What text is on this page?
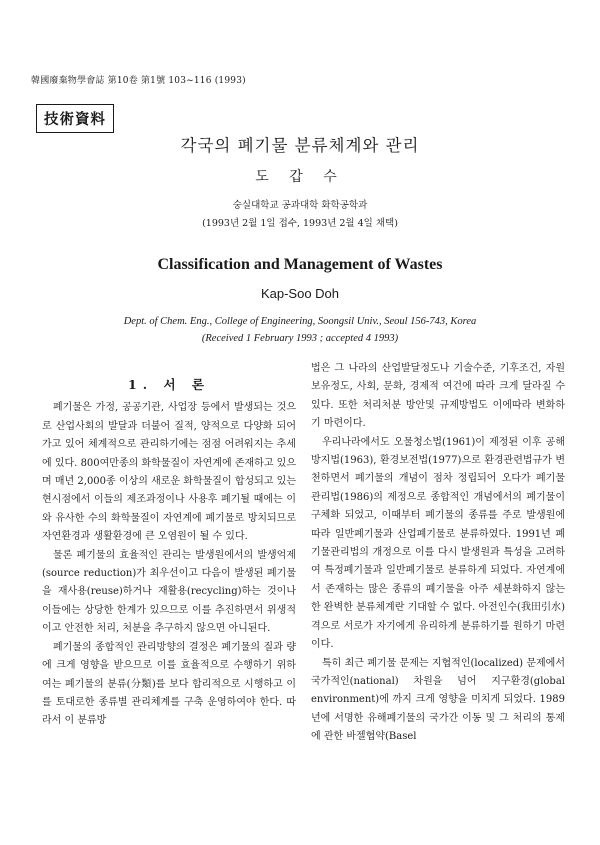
韓國廢棄物學會誌 第10卷 第1號 103~116 (1993)
技術資料
각국의 폐기물 분류체계와 관리
도 갑 수
숭실대학교 공과대학 화학공학과
(1993년 2월 1일 접수, 1993년 2월 4일 채택)
Classification and Management of Wastes
Kap-Soo Doh
Dept. of Chem. Eng., College of Engineering, Soongsil Univ., Seoul 156-743, Korea
(Received 1 February 1993 ; accepted 4 1993)
1. 서 론

폐기물은 가정, 공공기관, 사업장 등에서 발생되는 것으로 산업사회의 발달과 더불어 질적, 양적으로 다양화 되어가고 있어 체계적으로 관리하기에는 점점 어려워지는 추세에 있다. 800여만종의 화학물질이 자연계에 존재하고 있으며 매년 2,000종 이상의 새로운 화학물질이 합성되고 있는 현시점에서 이들의 제조과정이나 사용후 폐기될 때에는 이와 유사한 수의 화학물질이 자연계에 폐기물로 방치되므로 자연환경과 생활환경에 큰 오염원이 될 수 있다.

물론 폐기물의 효율적인 관리는 발생원에서의 발생억제(source reduction)가 최우선이고 다음이 발생된 폐기물을 재사용(reuse)하거나 재활용(recycling)하는 것이나 이들에는 상당한 한계가 있으므로 이를 추진하면서 위생적이고 안전한 처리, 처분을 추구하지 않으면 아니된다.

폐기물의 종합적인 관리방향의 결정은 폐기물의 질과 량에 크게 영향을 받으므로 이를 효율적으로 수행하기 위하여는 폐기물의 분류(分類)를 보다 합리적으로 시행하고 이를 토대로한 종류별 관리체계를 구축 운영하여야 한다. 따라서 이 분류방

법은 그 나라의 산업발달정도나 기술수준, 기후조건, 자원보유정도, 사회, 문화, 경제적 여건에 따라 크게 달라질 수 있다. 또한 처리처분 방안및 규제방법도 이에따라 변화하기 마련이다.

우리나라에서도 오물청소법(1961)이 제정된 이후 공해방지법(1963), 환경보전법(1977)으로 환경관련법규가 변천하면서 폐기물의 개념이 점차 정립되어 오다가 폐기물 관리법(1986)의 제정으로 종합적인 개념에서의 폐기물이 구체화 되었고, 이때부터 폐기물의 종류를 주로 발생원에 따라 일반폐기물과 산업폐기물로 분류하였다. 1991년 폐기물관리법의 개정으로 이를 다시 발생원과 특성을 고려하여 특정폐기물과 일반폐기물로 분류하게 되었다. 자연계에서 존재하는 많은 종류의 폐기물을 아주 세분화하지 않는 한 완벽한 분류체계란 기대할 수 없다. 아전인수(我田引水)격으로 서로가 자기에게 유리하게 분류하기를 원하기 마련이다.

특히 최근 폐기물 문제는 지협적인(localized) 문제에서 국가적인(national) 차원을 넘어 지구환경(global environment)에 까지 크게 영향을 미치게 되었다. 1989년에 서명한 유해폐기물의 국가간 이동 및 그 처리의 통제에 관한 바젤협약(Basel
